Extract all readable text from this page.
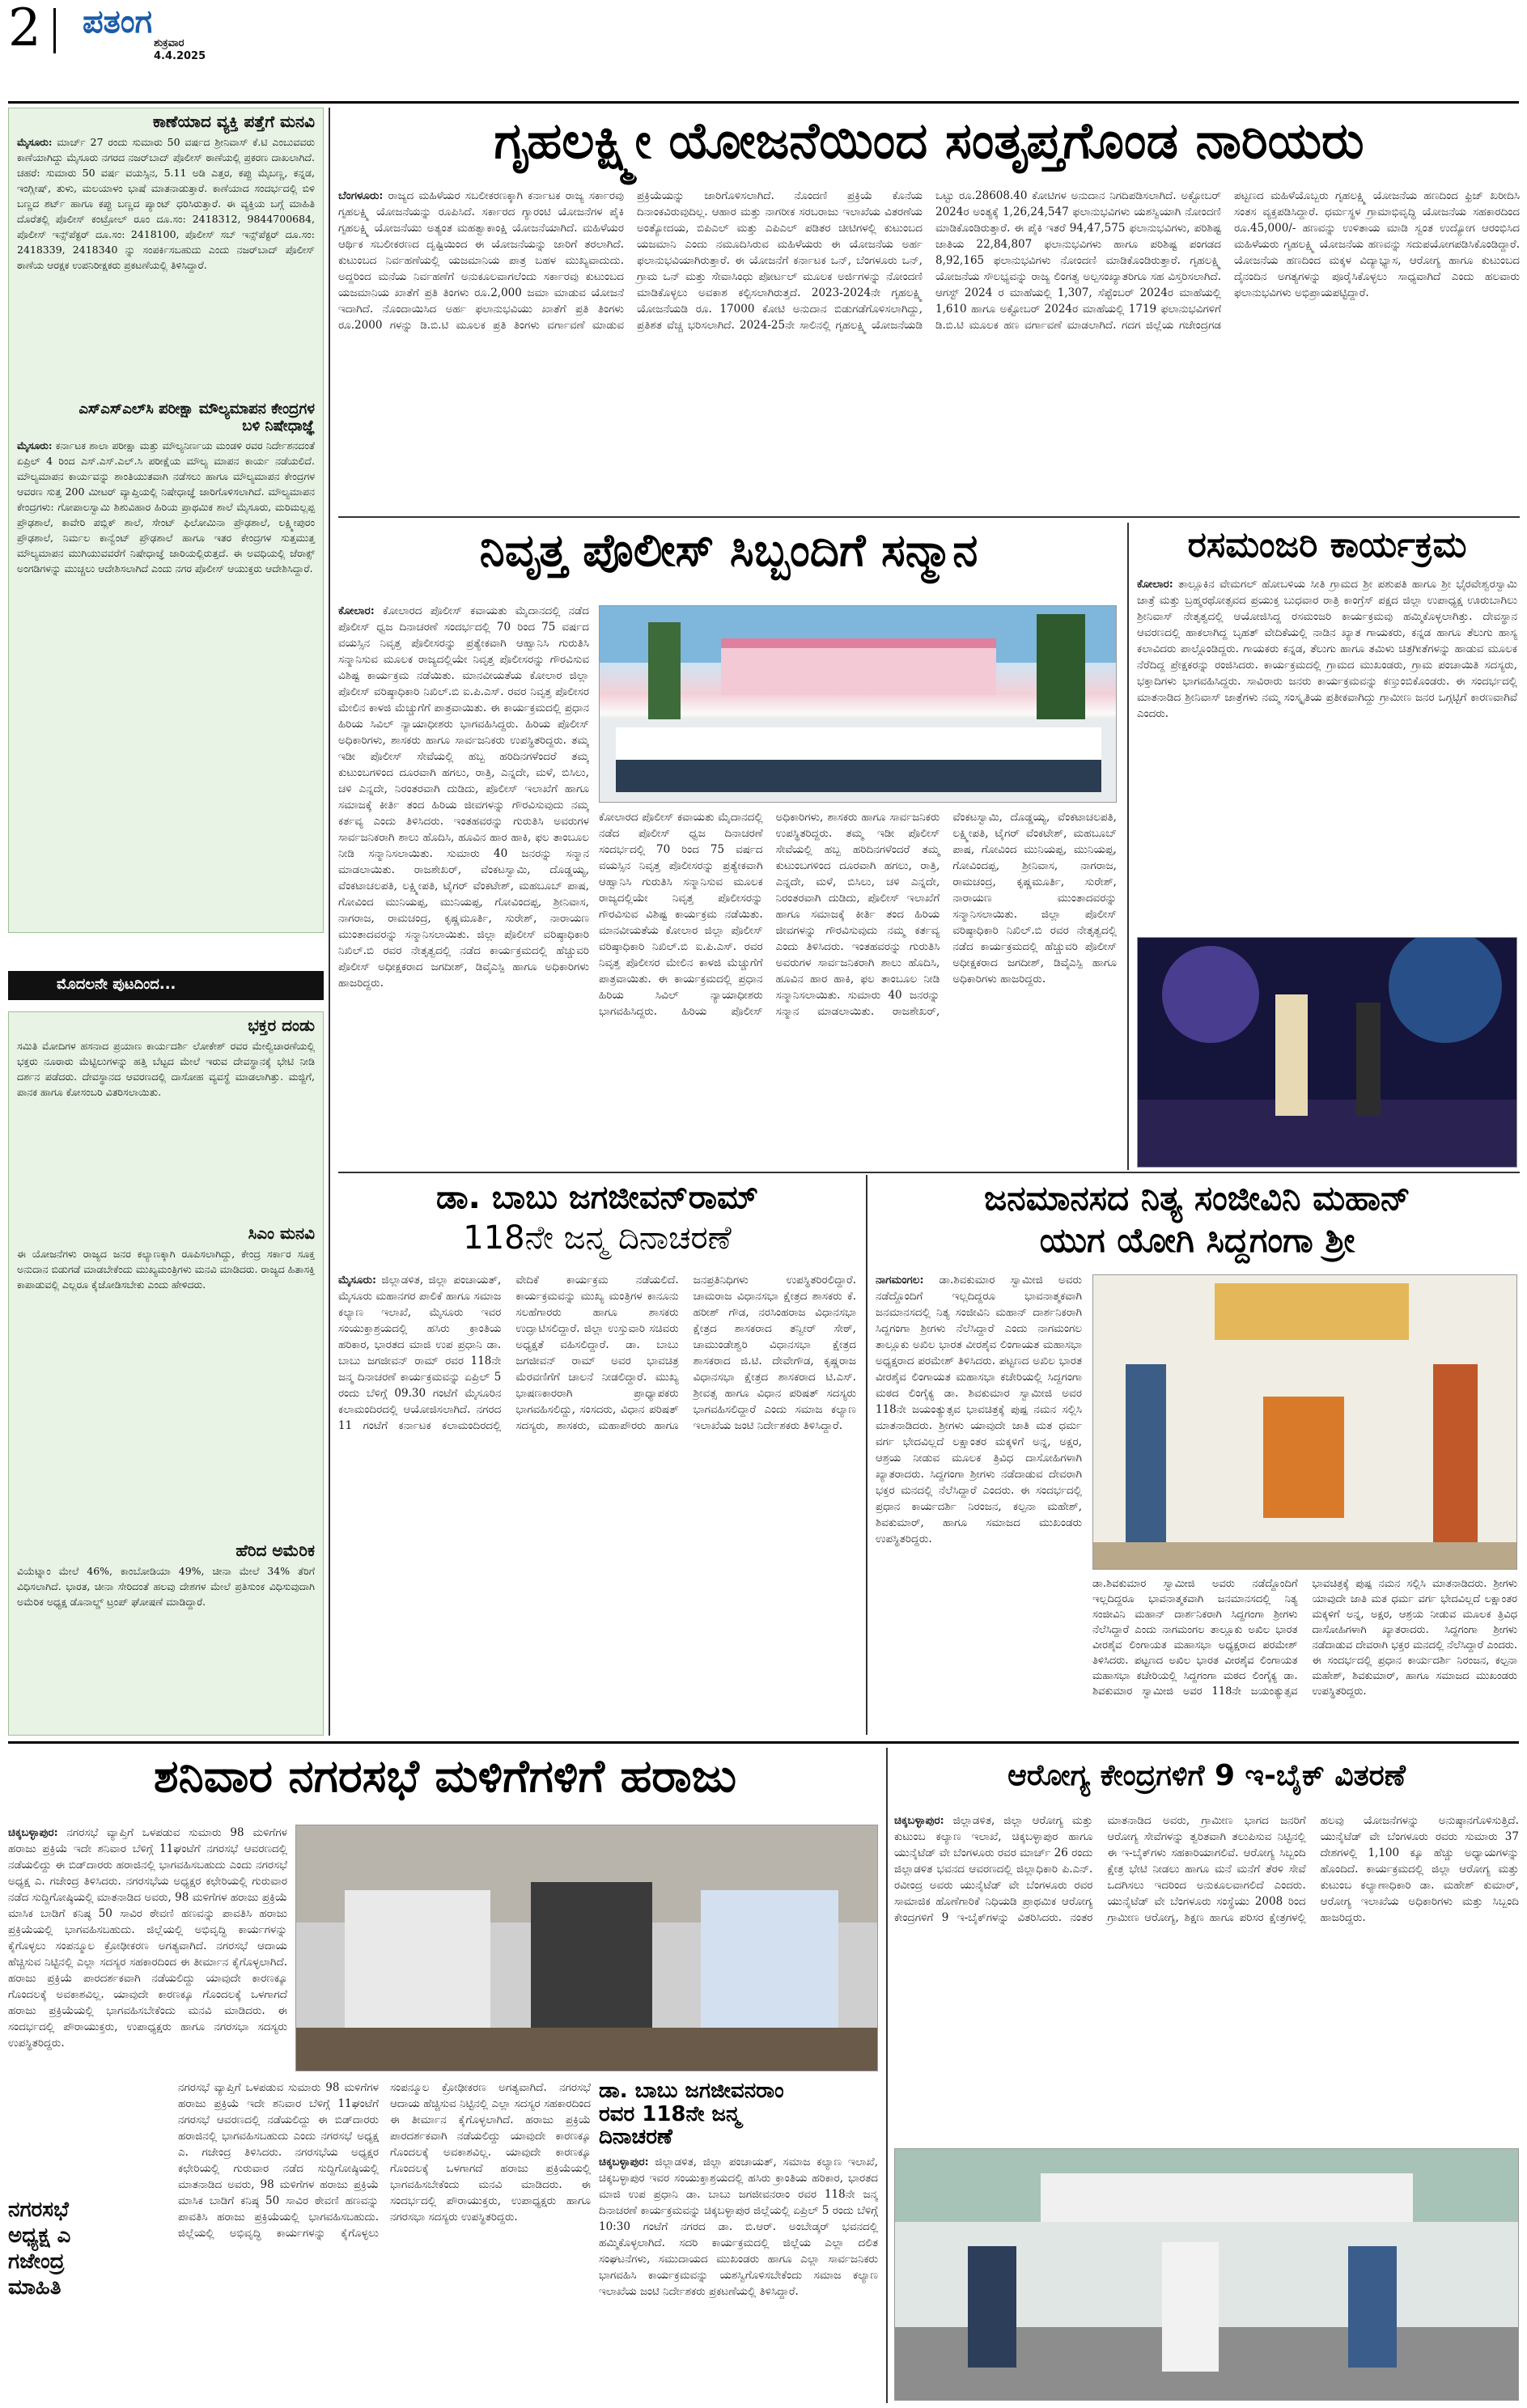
2 ಪತಂಗ
ಶುಕ್ರವಾರ
4.4.2025
ಕಾಣೆಯಾದ ವ್ಯಕ್ತಿ ಪತ್ತೆಗೆ ಮನವಿ
ಮೈಸೂರು: ಮಾರ್ಚ್ 27 ರಂದು ಸುಮಾರು 50 ವರ್ಷದ ಶ್ರೀನಿವಾಸ್ ಕೆ.ಟಿ ಎಂಬುವವರು ಕಾಣೆಯಾಗಿದ್ದು ಮೈಸೂರು ನಗರದ ನಜರ್‌ಬಾದ್ ಪೊಲೀಸ್ ಠಾಣೆಯಲ್ಲಿ ಪ್ರಕರಣ ದಾಖಲಾಗಿದೆ. ಚಹರೆ: ಸುಮಾರು 50 ವರ್ಷ ವಯಸ್ಸಿನ, 5.11 ಅಡಿ ಎತ್ತರ, ಕಪ್ಪು ಮೈಬಣ್ಣ, ಕನ್ನಡ, ಇಂಗ್ಲೀಷ್, ತುಳು, ಮಲಯಾಳಂ ಭಾಷೆ ಮಾತನಾಡುತ್ತಾರೆ. ಕಾಣೆಯಾದ ಸಂದರ್ಭದಲ್ಲಿ ಬಿಳಿ ಬಣ್ಣದ ಶರ್ಟ್ ಹಾಗೂ ಕಪ್ಪು ಬಣ್ಣದ ಪ್ಯಾಂಟ್ ಧರಿಸಿರುತ್ತಾರೆ. ಈ ವ್ಯಕ್ತಿಯ ಬಗ್ಗೆ ಮಾಹಿತಿ ದೊರೆತಲ್ಲಿ ಪೊಲೀಸ್ ಕಂಟ್ರೋಲ್ ರೂಂ ದೂ.ಸಂ: 2418312, 9844700684, ಪೊಲೀಸ್ ಇನ್ಸ್‌ಪೆಕ್ಟರ್ ದೂ.ಸಂ: 2418100, ಪೊಲೀಸ್ ಸಬ್ ಇನ್ಸ್‌ಪೆಕ್ಟರ್ ದೂ.ಸಂ: 2418339, 2418340 ನ್ನು ಸಂಪರ್ಕಿಸಬಹುದು ಎಂದು ನಜರ್‌ಬಾದ್ ಪೊಲೀಸ್ ಠಾಣೆಯ ಆರಕ್ಷಕ ಉಪನಿರೀಕ್ಷಕರು ಪ್ರಕಟಣೆಯಲ್ಲಿ ತಿಳಿಸಿದ್ದಾರೆ.
ಎಸ್‌ಎಸ್‌ಎಲ್‌ಸಿ ಪರೀಕ್ಷಾ ಮೌಲ್ಯಮಾಪನ ಕೇಂದ್ರಗಳ ಬಳಿ ನಿಷೇಧಾಜ್ಞೆ
ಮೈಸೂರು: ಕರ್ನಾಟಕ ಶಾಲಾ ಪರೀಕ್ಷಾ ಮತ್ತು ಮೌಲ್ಯನಿರ್ಣಯ ಮಂಡಳಿ ರವರ ನಿರ್ದೇಶನದಂತೆ ಏಪ್ರಿಲ್ 4 ರಿಂದ ಎಸ್.ಎಸ್.ಎಲ್.ಸಿ ಪರೀಕ್ಷೆಯ ಮೌಲ್ಯ ಮಾಪನ ಕಾರ್ಯ ನಡೆಯಲಿದೆ. ಮೌಲ್ಯಮಾಪನ ಕಾರ್ಯವನ್ನು ಶಾಂತಿಯುತವಾಗಿ ನಡೆಸಲು ಹಾಗೂ ಮೌಲ್ಯಮಾಪನ ಕೇಂದ್ರಗಳ ಆವರಣ ಸುತ್ತ 200 ಮೀಟರ್ ವ್ಯಾಪ್ತಿಯಲ್ಲಿ ನಿಷೇಧಾಜ್ಞೆ ಜಾರಿಗೊಳಿಸಲಾಗಿದೆ. ಮೌಲ್ಯಮಾಪನ ಕೇಂದ್ರಗಳು: ಗೋಪಾಲಸ್ವಾಮಿ ಶಿಶುವಿಹಾರ ಹಿರಿಯ ಪ್ರಾಥಮಿಕ ಶಾಲೆ ಮೈಸೂರು, ಮರಿಮಲ್ಲಪ್ಪ ಪ್ರೌಢಶಾಲೆ, ಕಾವೇರಿ ಪಬ್ಲಿಕ್ ಶಾಲೆ, ಸೇಂಟ್ ಫಿಲೋಮಿನಾ ಪ್ರೌಢಶಾಲೆ, ಲಕ್ಷ್ಮೀಪುರಂ ಪ್ರೌಢಶಾಲೆ, ನಿರ್ಮಲ ಕಾನ್ವೆಂಟ್ ಪ್ರೌಢಶಾಲೆ ಹಾಗೂ ಇತರ ಕೇಂದ್ರಗಳ ಸುತ್ತಮುತ್ತ ಮೌಲ್ಯಮಾಪನ ಮುಗಿಯುವವರೆಗೆ ನಿಷೇಧಾಜ್ಞೆ ಜಾರಿಯಲ್ಲಿರುತ್ತದೆ. ಈ ಅವಧಿಯಲ್ಲಿ ಜೆರಾಕ್ಸ್ ಅಂಗಡಿಗಳನ್ನು ಮುಚ್ಚಲು ಆದೇಶಿಸಲಾಗಿದೆ ಎಂದು ನಗರ ಪೊಲೀಸ್ ಆಯುಕ್ತರು ಆದೇಶಿಸಿದ್ದಾರೆ.
ಮೊದಲನೇ ಪುಟದಿಂದ...
ಭಕ್ತರ ದಂಡು
ಸಮಿತಿ ಮೋದಿಗಳ ಹಸನಾದ ಪ್ರಯಾಣ ಕಾರ್ಯದರ್ಶಿ ಲೋಕೇಶ್ ರವರ ಮೇಲ್ವಿಚಾರಣೆಯಲ್ಲಿ ಭಕ್ತರು ನೂರಾರು ಮೆಟ್ಟಿಲುಗಳನ್ನು ಹತ್ತಿ ಬೆಟ್ಟದ ಮೇಲೆ ಇರುವ ದೇವಸ್ಥಾನಕ್ಕೆ ಭೇಟಿ ನೀಡಿ ದರ್ಶನ ಪಡೆದರು. ದೇವಸ್ಥಾನದ ಆವರಣದಲ್ಲಿ ದಾಸೋಹ ವ್ಯವಸ್ಥೆ ಮಾಡಲಾಗಿತ್ತು. ಮಜ್ಜಿಗೆ, ಪಾನಕ ಹಾಗೂ ಕೋಸಂಬರಿ ವಿತರಿಸಲಾಯಿತು.
ಸಿಎಂ ಮನವಿ
ಈ ಯೋಜನೆಗಳು ರಾಜ್ಯದ ಜನರ ಕಲ್ಯಾಣಕ್ಕಾಗಿ ರೂಪಿಸಲಾಗಿದ್ದು, ಕೇಂದ್ರ ಸರ್ಕಾರ ಸೂಕ್ತ ಅನುದಾನ ಬಿಡುಗಡೆ ಮಾಡಬೇಕೆಂದು ಮುಖ್ಯಮಂತ್ರಿಗಳು ಮನವಿ ಮಾಡಿದರು. ರಾಜ್ಯದ ಹಿತಾಸಕ್ತಿ ಕಾಪಾಡುವಲ್ಲಿ ಎಲ್ಲರೂ ಕೈಜೋಡಿಸಬೇಕು ಎಂದು ಹೇಳಿದರು.
ಹೆರಿದ ಅಮೆರಿಕ
ವಿಯೆಟ್ನಾಂ ಮೇಲೆ 46%, ಕಾಂಬೋಡಿಯಾ 49%, ಚೀನಾ ಮೇಲೆ 34% ತೆರಿಗೆ ವಿಧಿಸಲಾಗಿದೆ. ಭಾರತ, ಚೀನಾ ಸೇರಿದಂತೆ ಹಲವು ದೇಶಗಳ ಮೇಲೆ ಪ್ರತಿಸುಂಕ ವಿಧಿಸುವುದಾಗಿ ಅಮೆರಿಕ ಅಧ್ಯಕ್ಷ ಡೊನಾಲ್ಡ್ ಟ್ರಂಪ್ ಘೋಷಣೆ ಮಾಡಿದ್ದಾರೆ.
ಗೃಹಲಕ್ಷ್ಮೀ ಯೋಜನೆಯಿಂದ ಸಂತೃಪ್ತಗೊಂಡ ನಾರಿಯರು
ಬೆಂಗಳೂರು: ರಾಜ್ಯದ ಮಹಿಳೆಯರ ಸಬಲೀಕರಣಕ್ಕಾಗಿ ಕರ್ನಾಟಕ ರಾಜ್ಯ ಸರ್ಕಾರವು ಗೃಹಲಕ್ಷ್ಮಿ ಯೋಜನೆಯನ್ನು ರೂಪಿಸಿದೆ. ಸರ್ಕಾರದ ಗ್ಯಾರಂಟಿ ಯೋಜನೆಗಳ ಪೈಕಿ ಗೃಹಲಕ್ಷ್ಮಿ ಯೋಜನೆಯು ಅತ್ಯಂತ ಮಹತ್ವಾಕಾಂಕ್ಷಿ ಯೋಜನೆಯಾಗಿದೆ. ಮಹಿಳೆಯರ ಆರ್ಥಿಕ ಸಬಲೀಕರಣದ ದೃಷ್ಟಿಯಿಂದ ಈ ಯೋಜನೆಯನ್ನು ಜಾರಿಗೆ ತರಲಾಗಿದೆ. ಕುಟುಂಬದ ನಿರ್ವಹಣೆಯಲ್ಲಿ ಯಜಮಾನಿಯ ಪಾತ್ರ ಬಹಳ ಮುಖ್ಯವಾದುದು. ಅದ್ದರಿಂದ ಮನೆಯ ನಿರ್ವಹಣೆಗೆ ಅನುಕೂಲವಾಗಲೆಂದು ಸರ್ಕಾರವು ಕುಟುಂಬದ ಯಜಮಾನಿಯ ಖಾತೆಗೆ ಪ್ರತಿ ತಿಂಗಳು ರೂ.2,000 ಜಮಾ ಮಾಡುವ ಯೋಜನೆ ಇದಾಗಿದೆ. ನೊಂದಾಯಿಸಿದ ಅರ್ಹ ಫಲಾನುಭವಿಯು ಖಾತೆಗೆ ಪ್ರತಿ ತಿಂಗಳು ರೂ.2000 ಗಳನ್ನು ಡಿ.ಬಿ.ಟಿ ಮೂಲಕ ಪ್ರತಿ ತಿಂಗಳು ವರ್ಗಾವಣೆ ಮಾಡುವ ಪ್ರಕ್ರಿಯೆಯನ್ನು ಜಾರಿಗೊಳಿಸಲಾಗಿದೆ. ನೊಂದಣಿ ಪ್ರಕ್ರಿಯೆ ಕೊನೆಯ ದಿನಾಂಕವಿರುವುದಿಲ್ಲ. ಆಹಾರ ಮತ್ತು ನಾಗರೀಕ ಸರಬರಾಜು ಇಲಾಖೆಯ ವಿತರಣೆಯ ಅಂತ್ಯೋದಯ, ಬಿಪಿಎಲ್ ಮತ್ತು ಎಪಿಎಲ್ ಪಡಿತರ ಚೀಟಿಗಳಲ್ಲಿ ಕುಟುಂಬದ ಯಜಮಾನಿ ಎಂದು ನಮೂದಿಸಿರುವ ಮಹಿಳೆಯರು ಈ ಯೋಜನೆಯ ಅರ್ಹ ಫಲಾನುಭವಿಯಾಗಿರುತ್ತಾರೆ. ಈ ಯೋಜನೆಗೆ ಕರ್ನಾಟಕ ಒನ್, ಬೆಂಗಳೂರು ಒನ್, ಗ್ರಾಮ ಒನ್ ಮತ್ತು ಸೇವಾಸಿಂಧು ಪೋರ್ಟಲ್ ಮೂಲಕ ಅರ್ಜಿಗಳನ್ನು ನೋಂದಣಿ ಮಾಡಿಕೊಳ್ಳಲು ಅವಕಾಶ ಕಲ್ಪಿಸಲಾಗಿರುತ್ತದೆ. 2023-2024ನೇ ಗೃಹಲಕ್ಷ್ಮಿ ಯೋಜನೆಯಡಿ ರೂ. 17000 ಕೋಟಿ ಅನುದಾನ ಬಿಡುಗಡೆಗೊಳಿಸಲಾಗಿದ್ದು, ಪ್ರತಿಶತ ವೆಚ್ಚ ಭರಿಸಲಾಗಿದೆ. 2024-25ನೇ ಸಾಲಿನಲ್ಲಿ ಗೃಹಲಕ್ಷ್ಮಿ ಯೋಜನೆಯಡಿ ಒಟ್ಟು ರೂ.28608.40 ಕೋಟಿಗಳ ಅನುದಾನ ನಿಗದಿಪಡಿಸಲಾಗಿದೆ. ಅಕ್ಟೋಬರ್ 2024ರ ಅಂತ್ಯಕ್ಕೆ 1,26,24,547 ಫಲಾನುಭವಿಗಳು ಯಶಸ್ವಿಯಾಗಿ ನೋಂದಣಿ ಮಾಡಿಕೊಂಡಿರುತ್ತಾರೆ. ಈ ಪೈಕಿ ಇತರೆ 94,47,575 ಫಲಾನುಭವಿಗಳು, ಪರಿಶಿಷ್ಟ ಜಾತಿಯ 22,84,807 ಫಲಾನುಭವಿಗಳು ಹಾಗೂ ಪರಿಶಿಷ್ಟ ಪಂಗಡದ 8,92,165 ಫಲಾನುಭವಿಗಳು ನೋಂದಣಿ ಮಾಡಿಕೊಂಡಿರುತ್ತಾರೆ. ಗೃಹಲಕ್ಷ್ಮಿ ಯೋಜನೆಯ ಸೌಲಭ್ಯವನ್ನು ರಾಜ್ಯ ಲಿಂಗತ್ವ ಅಲ್ಪಸಂಖ್ಯಾತರಿಗೂ ಸಹ ವಿಸ್ತರಿಸಲಾಗಿದೆ. ಆಗಸ್ಟ್ 2024 ರ ಮಾಹೆಯಲ್ಲಿ 1,307, ಸೆಪ್ಟೆಂಬರ್ 2024ರ ಮಾಹೆಯಲ್ಲಿ 1,610 ಹಾಗೂ ಅಕ್ಟೋಬರ್ 2024ರ ಮಾಹೆಯಲ್ಲಿ 1719 ಫಲಾನುಭವಿಗಳಿಗೆ ಡಿ.ಬಿ.ಟಿ ಮೂಲಕ ಹಣ ವರ್ಗಾವಣೆ ಮಾಡಲಾಗಿದೆ. ಗದಗ ಜಿಲ್ಲೆಯ ಗಜೇಂದ್ರಗಡ ಪಟ್ಟಣದ ಮಹಿಳೆಯೊಬ್ಬರು ಗೃಹಲಕ್ಷ್ಮಿ ಯೋಜನೆಯ ಹಣದಿಂದ ಫ್ರಿಜ್ ಖರೀದಿಸಿ ಸಂತಸ ವ್ಯಕ್ತಪಡಿಸಿದ್ದಾರೆ. ಧರ್ಮಸ್ಥಳ ಗ್ರಾಮಾಭಿವೃದ್ಧಿ ಯೋಜನೆಯ ಸಹಕಾರದಿಂದ ರೂ.45,000/- ಹಣವನ್ನು ಉಳಿತಾಯ ಮಾಡಿ ಸ್ವಂತ ಉದ್ಯೋಗ ಆರಂಭಿಸಿದ ಮಹಿಳೆಯರು ಗೃಹಲಕ್ಷ್ಮಿ ಯೋಜನೆಯ ಹಣವನ್ನು ಸದುಪಯೋಗಪಡಿಸಿಕೊಂಡಿದ್ದಾರೆ. ಯೋಜನೆಯ ಹಣದಿಂದ ಮಕ್ಕಳ ವಿದ್ಯಾಭ್ಯಾಸ, ಆರೋಗ್ಯ ಹಾಗೂ ಕುಟುಂಬದ ದೈನಂದಿನ ಅಗತ್ಯಗಳನ್ನು ಪೂರೈಸಿಕೊಳ್ಳಲು ಸಾಧ್ಯವಾಗಿದೆ ಎಂದು ಹಲವಾರು ಫಲಾನುಭವಿಗಳು ಅಭಿಪ್ರಾಯಪಟ್ಟಿದ್ದಾರೆ.
ನಿವೃತ್ತ ಪೊಲೀಸ್ ಸಿಬ್ಬಂದಿಗೆ ಸನ್ಮಾನ
ಕೋಲಾರ: ಕೋಲಾರದ ಪೊಲೀಸ್ ಕವಾಯತು ಮೈದಾನದಲ್ಲಿ ನಡೆದ ಪೊಲೀಸ್ ಧ್ವಜ ದಿನಾಚರಣೆ ಸಂದರ್ಭದಲ್ಲಿ 70 ರಿಂದ 75 ವರ್ಷದ ವಯಸ್ಸಿನ ನಿವೃತ್ತ ಪೊಲೀಸರನ್ನು ಪ್ರತ್ಯೇಕವಾಗಿ ಆಹ್ವಾನಿಸಿ ಗುರುತಿಸಿ ಸನ್ಮಾನಿಸುವ ಮೂಲಕ ರಾಜ್ಯದಲ್ಲಿಯೇ ನಿವೃತ್ತ ಪೊಲೀಸರನ್ನು ಗೌರವಿಸುವ ವಿಶಿಷ್ಟ ಕಾರ್ಯಕ್ರಮ ನಡೆಯಿತು. ಮಾನವೀಯತೆಯ ಕೋಲಾರ ಜಿಲ್ಲಾ ಪೊಲೀಸ್ ವರಿಷ್ಠಾಧಿಕಾರಿ ನಿಖಿಲ್.ಬಿ ಐ.ಪಿ.ಎಸ್. ರವರ ನಿವೃತ್ತ ಪೊಲೀಸರ ಮೇಲಿನ ಕಾಳಜಿ ಮೆಚ್ಚುಗೆಗೆ ಪಾತ್ರವಾಯಿತು. ಈ ಕಾರ್ಯಕ್ರಮದಲ್ಲಿ ಪ್ರಧಾನ ಹಿರಿಯ ಸಿವಿಲ್ ನ್ಯಾಯಾಧೀಶರು ಭಾಗವಹಿಸಿದ್ದರು. ಹಿರಿಯ ಪೊಲೀಸ್ ಅಧಿಕಾರಿಗಳು, ಶಾಸಕರು ಹಾಗೂ ಸಾರ್ವಜನಿಕರು ಉಪಸ್ಥಿತರಿದ್ದರು. ತಮ್ಮ ಇಡೀ ಪೊಲೀಸ್ ಸೇವೆಯಲ್ಲಿ ಹಬ್ಬ ಹರಿದಿನಗಳೆಂದರೆ ತಮ್ಮ ಕುಟುಂಬಗಳಿಂದ ದೂರವಾಗಿ ಹಗಲು, ರಾತ್ರಿ, ಎನ್ನದೇ, ಮಳೆ, ಬಿಸಿಲು, ಚಳಿ ಎನ್ನದೇ, ನಿರಂತರವಾಗಿ ದುಡಿದು, ಪೊಲೀಸ್ ಇಲಾಖೆಗೆ ಹಾಗೂ ಸಮಾಜಕ್ಕೆ ಕೀರ್ತಿ ತಂದ ಹಿರಿಯ ಜೀವಗಳನ್ನು ಗೌರವಿಸುವುದು ನಮ್ಮ ಕರ್ತವ್ಯ ಎಂದು ತಿಳಿಸಿದರು. ಇಂತಹವರನ್ನು ಗುರುತಿಸಿ ಅವರುಗಳ ಸಾರ್ವಜನಿಕರಾಗಿ ಶಾಲು ಹೊದಿಸಿ, ಹೂವಿನ ಹಾರ ಹಾಕಿ, ಫಲ ತಾಂಬೂಲ ನೀಡಿ ಸನ್ಮಾನಿಸಲಾಯಿತು. ಸುಮಾರು 40 ಜನರನ್ನು ಸನ್ಮಾನ ಮಾಡಲಾಯಿತು. ರಾಜಶೇಖರ್, ವೆಂಕಟಸ್ವಾಮಿ, ದೊಡ್ಡಯ್ಯ, ವೆಂಕಟಾಚಲಪತಿ, ಲಕ್ಷ್ಮೀಪತಿ, ಟೈಗರ್ ವೆಂಕಟೇಶ್, ಮಹಬೂಬ್ ಪಾಷ, ಗೋವಿಂದ ಮುನಿಯಪ್ಪ, ಮುನಿಯಪ್ಪ, ಗೋವಿಂದಪ್ಪ, ಶ್ರೀನಿವಾಸ, ನಾಗರಾಜ, ರಾಮಚಂದ್ರ, ಕೃಷ್ಣಮೂರ್ತಿ, ಸುರೇಶ್, ನಾರಾಯಣ ಮುಂತಾದವರನ್ನು ಸನ್ಮಾನಿಸಲಾಯಿತು. ಜಿಲ್ಲಾ ಪೊಲೀಸ್ ವರಿಷ್ಠಾಧಿಕಾರಿ ನಿಖಿಲ್.ಬಿ ರವರ ನೇತೃತ್ವದಲ್ಲಿ ನಡೆದ ಕಾರ್ಯಕ್ರಮದಲ್ಲಿ ಹೆಚ್ಚುವರಿ ಪೊಲೀಸ್ ಅಧೀಕ್ಷಕರಾದ ಜಗದೀಶ್, ಡಿವೈಎಸ್ಪಿ ಹಾಗೂ ಅಧಿಕಾರಿಗಳು ಹಾಜರಿದ್ದರು.
ಕೋಲಾರದ ಪೊಲೀಸ್ ಕವಾಯತು ಮೈದಾನದಲ್ಲಿ ನಡೆದ ಪೊಲೀಸ್ ಧ್ವಜ ದಿನಾಚರಣೆ ಸಂದರ್ಭದಲ್ಲಿ 70 ರಿಂದ 75 ವರ್ಷದ ವಯಸ್ಸಿನ ನಿವೃತ್ತ ಪೊಲೀಸರನ್ನು ಪ್ರತ್ಯೇಕವಾಗಿ ಆಹ್ವಾನಿಸಿ ಗುರುತಿಸಿ ಸನ್ಮಾನಿಸುವ ಮೂಲಕ ರಾಜ್ಯದಲ್ಲಿಯೇ ನಿವೃತ್ತ ಪೊಲೀಸರನ್ನು ಗೌರವಿಸುವ ವಿಶಿಷ್ಟ ಕಾರ್ಯಕ್ರಮ ನಡೆಯಿತು. ಮಾನವೀಯತೆಯ ಕೋಲಾರ ಜಿಲ್ಲಾ ಪೊಲೀಸ್ ವರಿಷ್ಠಾಧಿಕಾರಿ ನಿಖಿಲ್.ಬಿ ಐ.ಪಿ.ಎಸ್. ರವರ ನಿವೃತ್ತ ಪೊಲೀಸರ ಮೇಲಿನ ಕಾಳಜಿ ಮೆಚ್ಚುಗೆಗೆ ಪಾತ್ರವಾಯಿತು. ಈ ಕಾರ್ಯಕ್ರಮದಲ್ಲಿ ಪ್ರಧಾನ ಹಿರಿಯ ಸಿವಿಲ್ ನ್ಯಾಯಾಧೀಶರು ಭಾಗವಹಿಸಿದ್ದರು. ಹಿರಿಯ ಪೊಲೀಸ್ ಅಧಿಕಾರಿಗಳು, ಶಾಸಕರು ಹಾಗೂ ಸಾರ್ವಜನಿಕರು ಉಪಸ್ಥಿತರಿದ್ದರು. ತಮ್ಮ ಇಡೀ ಪೊಲೀಸ್ ಸೇವೆಯಲ್ಲಿ ಹಬ್ಬ ಹರಿದಿನಗಳೆಂದರೆ ತಮ್ಮ ಕುಟುಂಬಗಳಿಂದ ದೂರವಾಗಿ ಹಗಲು, ರಾತ್ರಿ, ಎನ್ನದೇ, ಮಳೆ, ಬಿಸಿಲು, ಚಳಿ ಎನ್ನದೇ, ನಿರಂತರವಾಗಿ ದುಡಿದು, ಪೊಲೀಸ್ ಇಲಾಖೆಗೆ ಹಾಗೂ ಸಮಾಜಕ್ಕೆ ಕೀರ್ತಿ ತಂದ ಹಿರಿಯ ಜೀವಗಳನ್ನು ಗೌರವಿಸುವುದು ನಮ್ಮ ಕರ್ತವ್ಯ ಎಂದು ತಿಳಿಸಿದರು. ಇಂತಹವರನ್ನು ಗುರುತಿಸಿ ಅವರುಗಳ ಸಾರ್ವಜನಿಕರಾಗಿ ಶಾಲು ಹೊದಿಸಿ, ಹೂವಿನ ಹಾರ ಹಾಕಿ, ಫಲ ತಾಂಬೂಲ ನೀಡಿ ಸನ್ಮಾನಿಸಲಾಯಿತು. ಸುಮಾರು 40 ಜನರನ್ನು ಸನ್ಮಾನ ಮಾಡಲಾಯಿತು. ರಾಜಶೇಖರ್, ವೆಂಕಟಸ್ವಾಮಿ, ದೊಡ್ಡಯ್ಯ, ವೆಂಕಟಾಚಲಪತಿ, ಲಕ್ಷ್ಮೀಪತಿ, ಟೈಗರ್ ವೆಂಕಟೇಶ್, ಮಹಬೂಬ್ ಪಾಷ, ಗೋವಿಂದ ಮುನಿಯಪ್ಪ, ಮುನಿಯಪ್ಪ, ಗೋವಿಂದಪ್ಪ, ಶ್ರೀನಿವಾಸ, ನಾಗರಾಜ, ರಾಮಚಂದ್ರ, ಕೃಷ್ಣಮೂರ್ತಿ, ಸುರೇಶ್, ನಾರಾಯಣ ಮುಂತಾದವರನ್ನು ಸನ್ಮಾನಿಸಲಾಯಿತು. ಜಿಲ್ಲಾ ಪೊಲೀಸ್ ವರಿಷ್ಠಾಧಿಕಾರಿ ನಿಖಿಲ್.ಬಿ ರವರ ನೇತೃತ್ವದಲ್ಲಿ ನಡೆದ ಕಾರ್ಯಕ್ರಮದಲ್ಲಿ ಹೆಚ್ಚುವರಿ ಪೊಲೀಸ್ ಅಧೀಕ್ಷಕರಾದ ಜಗದೀಶ್, ಡಿವೈಎಸ್ಪಿ ಹಾಗೂ ಅಧಿಕಾರಿಗಳು ಹಾಜರಿದ್ದರು.
ರಸಮಂಜರಿ ಕಾರ್ಯಕ್ರಮ
ಕೋಲಾರ: ತಾಲ್ಲೂಕಿನ ವೇಮಗಲ್ ಹೋಬಳಿಯ ಸೀತಿ ಗ್ರಾಮದ ಶ್ರೀ ಪಶುಪತಿ ಹಾಗೂ ಶ್ರೀ ಭೈರವೇಶ್ವರಸ್ವಾಮಿ ಜಾತ್ರೆ ಮತ್ತು ಬ್ರಹ್ಮರಥೋತ್ಸವದ ಪ್ರಯುಕ್ತ ಬುಧವಾರ ರಾತ್ರಿ ಕಾಂಗ್ರೆಸ್ ಪಕ್ಷದ ಜಿಲ್ಲಾ ಉಪಾಧ್ಯಕ್ಷ ಊರುಬಾಗಿಲು ಶ್ರೀನಿವಾಸ್ ನೇತೃತ್ವದಲ್ಲಿ ಆಯೋಜಿಸಿದ್ದ ರಸಮಂಜರಿ ಕಾರ್ಯಕ್ರಮವು ಹಮ್ಮಿಕೊಳ್ಳಲಾಗಿತ್ತು. ದೇವಸ್ಥಾನ ಆವರಣದಲ್ಲಿ ಹಾಕಲಾಗಿದ್ದ ಬೃಹತ್ ವೇದಿಕೆಯಲ್ಲಿ ನಾಡಿನ ಖ್ಯಾತ ಗಾಯಕರು, ಕನ್ನಡ ಹಾಗೂ ತೆಲುಗು ಹಾಸ್ಯ ಕಲಾವಿದರು ಪಾಲ್ಗೊಂಡಿದ್ದರು. ಗಾಯಕರು ಕನ್ನಡ, ತೆಲುಗು ಹಾಗೂ ತಮಿಳು ಚಿತ್ರಗೀತೆಗಳನ್ನು ಹಾಡುವ ಮೂಲಕ ನೆರೆದಿದ್ದ ಪ್ರೇಕ್ಷಕರನ್ನು ರಂಜಿಸಿದರು. ಕಾರ್ಯಕ್ರಮದಲ್ಲಿ ಗ್ರಾಮದ ಮುಖಂಡರು, ಗ್ರಾಮ ಪಂಚಾಯಿತಿ ಸದಸ್ಯರು, ಭಕ್ತಾದಿಗಳು ಭಾಗವಹಿಸಿದ್ದರು. ಸಾವಿರಾರು ಜನರು ಕಾರ್ಯಕ್ರಮವನ್ನು ಕಣ್ತುಂಬಿಕೊಂಡರು. ಈ ಸಂದರ್ಭದಲ್ಲಿ ಮಾತನಾಡಿದ ಶ್ರೀನಿವಾಸ್ ಜಾತ್ರೆಗಳು ನಮ್ಮ ಸಂಸ್ಕೃತಿಯ ಪ್ರತೀಕವಾಗಿದ್ದು ಗ್ರಾಮೀಣ ಜನರ ಒಗ್ಗಟ್ಟಿಗೆ ಕಾರಣವಾಗಿವೆ ಎಂದರು.
ಡಾ. ಬಾಬು ಜಗಜೀವನ್‌ರಾಮ್
118ನೇ ಜನ್ಮ ದಿನಾಚರಣೆ
ಮೈಸೂರು: ಜಿಲ್ಲಾಡಳಿತ, ಜಿಲ್ಲಾ ಪಂಚಾಯತ್, ಮೈಸೂರು ಮಹಾನಗರ ಪಾಲಿಕೆ ಹಾಗೂ ಸಮಾಜ ಕಲ್ಯಾಣ ಇಲಾಖೆ, ಮೈಸೂರು ಇವರ ಸಂಯುಕ್ತಾಶ್ರಯದಲ್ಲಿ ಹಸಿರು ಕ್ರಾಂತಿಯ ಹರಿಕಾರ, ಭಾರತದ ಮಾಜಿ ಉಪ ಪ್ರಧಾನಿ ಡಾ. ಬಾಬು ಜಗಜೀವನ್ ರಾಮ್ ರವರ 118ನೇ ಜನ್ಮ ದಿನಾಚರಣೆ ಕಾರ್ಯಕ್ರಮವನ್ನು ಏಪ್ರಿಲ್ 5 ರಂದು ಬೆಳಿಗ್ಗೆ 09.30 ಗಂಟೆಗೆ ಮೈಸೂರಿನ ಕಲಾಮಂದಿರದಲ್ಲಿ ಆಯೋಜಿಸಲಾಗಿದೆ. ನಗರದ 11 ಗಂಟೆಗೆ ಕರ್ನಾಟಕ ಕಲಾಮಂದಿರದಲ್ಲಿ ವೇದಿಕೆ ಕಾರ್ಯಕ್ರಮ ನಡೆಯಲಿದೆ. ಕಾರ್ಯಕ್ರಮವನ್ನು ಮುಖ್ಯ ಮಂತ್ರಿಗಳ ಕಾನೂನು ಸಲಹೆಗಾರರು ಹಾಗೂ ಶಾಸಕರು ಉದ್ಘಾಟಿಸಲಿದ್ದಾರೆ. ಜಿಲ್ಲಾ ಉಸ್ತುವಾರಿ ಸಚಿವರು ಅಧ್ಯಕ್ಷತೆ ವಹಿಸಲಿದ್ದಾರೆ. ಡಾ. ಬಾಬು ಜಗಜೀವನ್ ರಾಮ್ ಅವರ ಭಾವಚಿತ್ರ ಮೆರವಣಿಗೆಗೆ ಚಾಲನೆ ನೀಡಲಿದ್ದಾರೆ. ಮುಖ್ಯ ಭಾಷಣಕಾರರಾಗಿ ಪ್ರಾಧ್ಯಾಪಕರು ಭಾಗವಹಿಸಲಿದ್ದು, ಸಂಸದರು, ವಿಧಾನ ಪರಿಷತ್ ಸದಸ್ಯರು, ಶಾಸಕರು, ಮಹಾಪೌರರು ಹಾಗೂ ಜನಪ್ರತಿನಿಧಿಗಳು ಉಪಸ್ಥಿತರಿರಲಿದ್ದಾರೆ. ಚಾಮರಾಜ ವಿಧಾನಸಭಾ ಕ್ಷೇತ್ರದ ಶಾಸಕರು ಕೆ. ಹರೀಶ್ ಗೌಡ, ನರಸಿಂಹರಾಜ ವಿಧಾನಸಭಾ ಕ್ಷೇತ್ರದ ಶಾಸಕರಾದ ತನ್ವೀರ್ ಸೇಠ್, ಚಾಮುಂಡೇಶ್ವರಿ ವಿಧಾನಸಭಾ ಕ್ಷೇತ್ರದ ಶಾಸಕರಾದ ಜಿ.ಟಿ. ದೇವೇಗೌಡ, ಕೃಷ್ಣರಾಜ ವಿಧಾನಸಭಾ ಕ್ಷೇತ್ರದ ಶಾಸಕರಾದ ಟಿ.ಎಸ್. ಶ್ರೀವತ್ಸ ಹಾಗೂ ವಿಧಾನ ಪರಿಷತ್ ಸದಸ್ಯರು ಭಾಗವಹಿಸಲಿದ್ದಾರೆ ಎಂದು ಸಮಾಜ ಕಲ್ಯಾಣ ಇಲಾಖೆಯ ಜಂಟಿ ನಿರ್ದೇಶಕರು ತಿಳಿಸಿದ್ದಾರೆ.
ಜನಮಾನಸದ ನಿತ್ಯ ಸಂಜೀವಿನಿ ಮಹಾನ್
ಯುಗ ಯೋಗಿ ಸಿದ್ದಗಂಗಾ ಶ್ರೀ
ನಾಗಮಂಗಲ: ಡಾ.ಶಿವಕುಮಾರ ಸ್ವಾಮೀಜಿ ಅವರು ನಡೆದ್ದೊಂದಿಗೆ ಇಲ್ಲದಿದ್ದರೂ ಭಾವನಾತ್ಮಕವಾಗಿ ಜನಮಾನಸದಲ್ಲಿ ನಿತ್ಯ ಸಂಜೀವಿನಿ ಮಹಾನ್ ದಾರ್ಶನಿಕರಾಗಿ ಸಿದ್ದಗಂಗಾ ಶ್ರೀಗಳು ನೆಲೆಸಿದ್ದಾರೆ ಎಂದು ನಾಗಮಂಗಲ ತಾಲ್ಲೂಕು ಅಖಿಲ ಭಾರತ ವೀರಶೈವ ಲಿಂಗಾಯತ ಮಹಾಸಭಾ ಅಧ್ಯಕ್ಷರಾದ ಪರಮೇಶ್ ತಿಳಿಸಿದರು. ಪಟ್ಟಣದ ಅಖಿಲ ಭಾರತ ವೀರಶೈವ ಲಿಂಗಾಯತ ಮಹಾಸಭಾ ಕಚೇರಿಯಲ್ಲಿ ಸಿದ್ದಗಂಗಾ ಮಠದ ಲಿಂಗೈಕ್ಯ ಡಾ. ಶಿವಕುಮಾರ ಸ್ವಾಮೀಜಿ ಅವರ 118ನೇ ಜಯಂತ್ಯುತ್ಸವ ಭಾವಚಿತ್ರಕ್ಕೆ ಪುಷ್ಪ ನಮನ ಸಲ್ಲಿಸಿ ಮಾತನಾಡಿದರು. ಶ್ರೀಗಳು ಯಾವುದೇ ಜಾತಿ ಮತ ಧರ್ಮ ವರ್ಗ ಭೇದವಿಲ್ಲದೆ ಲಕ್ಷಾಂತರ ಮಕ್ಕಳಿಗೆ ಅನ್ನ, ಅಕ್ಷರ, ಆಶ್ರಯ ನೀಡುವ ಮೂಲಕ ತ್ರಿವಿಧ ದಾಸೋಹಿಗಳಾಗಿ ಖ್ಯಾತರಾದರು. ಸಿದ್ದಗಂಗಾ ಶ್ರೀಗಳು ನಡೆದಾಡುವ ದೇವರಾಗಿ ಭಕ್ತರ ಮನದಲ್ಲಿ ನೆಲೆಸಿದ್ದಾರೆ ಎಂದರು. ಈ ಸಂದರ್ಭದಲ್ಲಿ ಪ್ರಧಾನ ಕಾರ್ಯದರ್ಶಿ ನಿರಂಜನ, ಕಲ್ಪನಾ ಮಹೇಶ್, ಶಿವಕುಮಾರ್, ಹಾಗೂ ಸಮಾಜದ ಮುಖಂಡರು ಉಪಸ್ಥಿತರಿದ್ದರು.
ಡಾ.ಶಿವಕುಮಾರ ಸ್ವಾಮೀಜಿ ಅವರು ನಡೆದ್ದೊಂದಿಗೆ ಇಲ್ಲದಿದ್ದರೂ ಭಾವನಾತ್ಮಕವಾಗಿ ಜನಮಾನಸದಲ್ಲಿ ನಿತ್ಯ ಸಂಜೀವಿನಿ ಮಹಾನ್ ದಾರ್ಶನಿಕರಾಗಿ ಸಿದ್ದಗಂಗಾ ಶ್ರೀಗಳು ನೆಲೆಸಿದ್ದಾರೆ ಎಂದು ನಾಗಮಂಗಲ ತಾಲ್ಲೂಕು ಅಖಿಲ ಭಾರತ ವೀರಶೈವ ಲಿಂಗಾಯತ ಮಹಾಸಭಾ ಅಧ್ಯಕ್ಷರಾದ ಪರಮೇಶ್ ತಿಳಿಸಿದರು. ಪಟ್ಟಣದ ಅಖಿಲ ಭಾರತ ವೀರಶೈವ ಲಿಂಗಾಯತ ಮಹಾಸಭಾ ಕಚೇರಿಯಲ್ಲಿ ಸಿದ್ದಗಂಗಾ ಮಠದ ಲಿಂಗೈಕ್ಯ ಡಾ. ಶಿವಕುಮಾರ ಸ್ವಾಮೀಜಿ ಅವರ 118ನೇ ಜಯಂತ್ಯುತ್ಸವ ಭಾವಚಿತ್ರಕ್ಕೆ ಪುಷ್ಪ ನಮನ ಸಲ್ಲಿಸಿ ಮಾತನಾಡಿದರು. ಶ್ರೀಗಳು ಯಾವುದೇ ಜಾತಿ ಮತ ಧರ್ಮ ವರ್ಗ ಭೇದವಿಲ್ಲದೆ ಲಕ್ಷಾಂತರ ಮಕ್ಕಳಿಗೆ ಅನ್ನ, ಅಕ್ಷರ, ಆಶ್ರಯ ನೀಡುವ ಮೂಲಕ ತ್ರಿವಿಧ ದಾಸೋಹಿಗಳಾಗಿ ಖ್ಯಾತರಾದರು. ಸಿದ್ದಗಂಗಾ ಶ್ರೀಗಳು ನಡೆದಾಡುವ ದೇವರಾಗಿ ಭಕ್ತರ ಮನದಲ್ಲಿ ನೆಲೆಸಿದ್ದಾರೆ ಎಂದರು. ಈ ಸಂದರ್ಭದಲ್ಲಿ ಪ್ರಧಾನ ಕಾರ್ಯದರ್ಶಿ ನಿರಂಜನ, ಕಲ್ಪನಾ ಮಹೇಶ್, ಶಿವಕುಮಾರ್, ಹಾಗೂ ಸಮಾಜದ ಮುಖಂಡರು ಉಪಸ್ಥಿತರಿದ್ದರು.
ಶನಿವಾರ ನಗರಸಭೆ ಮಳಿಗೆಗಳಿಗೆ ಹರಾಜು
ಚಿಕ್ಕಬಳ್ಳಾಪುರ: ನಗರಸಭೆ ವ್ಯಾಪ್ತಿಗೆ ಒಳಪಡುವ ಸುಮಾರು 98 ಮಳಿಗೆಗಳ ಹರಾಜು ಪ್ರಕ್ರಿಯೆ ಇದೇ ಶನಿವಾರ ಬೆಳಿಗ್ಗೆ 11ಘಂಟೆಗೆ ನಗರಸಭೆ ಆವರಣದಲ್ಲಿ ನಡೆಯಲಿದ್ದು ಈ ಬಿಡ್‌ದಾರರು ಹರಾಜಿನಲ್ಲಿ ಭಾಗವಹಿಸಬಹುದು ಎಂದು ನಗರಸಭೆ ಅಧ್ಯಕ್ಷ ಎ. ಗಜೇಂದ್ರ ತಿಳಿಸಿದರು. ನಗರಸಭೆಯ ಅಧ್ಯಕ್ಷರ ಕಛೇರಿಯಲ್ಲಿ ಗುರುವಾರ ನಡೆದ ಸುದ್ದಿಗೋಷ್ಠಿಯಲ್ಲಿ ಮಾತನಾಡಿದ ಅವರು, 98 ಮಳಿಗೆಗಳ ಹರಾಜು ಪ್ರಕ್ರಿಯೆ ಮಾಸಿಕ ಬಾಡಿಗೆ ಕನಿಷ್ಠ 50 ಸಾವಿರ ಠೇವಣಿ ಹಣವನ್ನು ಪಾವತಿಸಿ ಹರಾಜು ಪ್ರಕ್ರಿಯೆಯಲ್ಲಿ ಭಾಗವಹಿಸಬಹುದು. ಜಿಲ್ಲೆಯಲ್ಲಿ ಅಭಿವೃದ್ಧಿ ಕಾರ್ಯಗಳನ್ನು ಕೈಗೊಳ್ಳಲು ಸಂಪನ್ಮೂಲ ಕ್ರೋಢೀಕರಣ ಅಗತ್ಯವಾಗಿದೆ. ನಗರಸಭೆ ಆದಾಯ ಹೆಚ್ಚಿಸುವ ನಿಟ್ಟಿನಲ್ಲಿ ಎಲ್ಲಾ ಸದಸ್ಯರ ಸಹಕಾರದಿಂದ ಈ ತೀರ್ಮಾನ ಕೈಗೊಳ್ಳಲಾಗಿದೆ. ಹರಾಜು ಪ್ರಕ್ರಿಯೆ ಪಾರದರ್ಶಕವಾಗಿ ನಡೆಯಲಿದ್ದು ಯಾವುದೇ ಕಾರಣಕ್ಕೂ ಗೊಂದಲಕ್ಕೆ ಅವಕಾಶವಿಲ್ಲ. ಯಾವುದೇ ಕಾರಣಕ್ಕೂ ಗೊಂದಲಕ್ಕೆ ಒಳಗಾಗದೆ ಹರಾಜು ಪ್ರಕ್ರಿಯೆಯಲ್ಲಿ ಭಾಗವಹಿಸಬೇಕೆಂದು ಮನವಿ ಮಾಡಿದರು. ಈ ಸಂದರ್ಭದಲ್ಲಿ ಪೌರಾಯುಕ್ತರು, ಉಪಾಧ್ಯಕ್ಷರು ಹಾಗೂ ನಗರಸಭಾ ಸದಸ್ಯರು ಉಪಸ್ಥಿತರಿದ್ದರು.
ನಗರಸಭೆ
ಅಧ್ಯಕ್ಷ ಎ
ಗಜೇಂದ್ರ
ಮಾಹಿತಿ
ನಗರಸಭೆ ವ್ಯಾಪ್ತಿಗೆ ಒಳಪಡುವ ಸುಮಾರು 98 ಮಳಿಗೆಗಳ ಹರಾಜು ಪ್ರಕ್ರಿಯೆ ಇದೇ ಶನಿವಾರ ಬೆಳಿಗ್ಗೆ 11ಘಂಟೆಗೆ ನಗರಸಭೆ ಆವರಣದಲ್ಲಿ ನಡೆಯಲಿದ್ದು ಈ ಬಿಡ್‌ದಾರರು ಹರಾಜಿನಲ್ಲಿ ಭಾಗವಹಿಸಬಹುದು ಎಂದು ನಗರಸಭೆ ಅಧ್ಯಕ್ಷ ಎ. ಗಜೇಂದ್ರ ತಿಳಿಸಿದರು. ನಗರಸಭೆಯ ಅಧ್ಯಕ್ಷರ ಕಛೇರಿಯಲ್ಲಿ ಗುರುವಾರ ನಡೆದ ಸುದ್ದಿಗೋಷ್ಠಿಯಲ್ಲಿ ಮಾತನಾಡಿದ ಅವರು, 98 ಮಳಿಗೆಗಳ ಹರಾಜು ಪ್ರಕ್ರಿಯೆ ಮಾಸಿಕ ಬಾಡಿಗೆ ಕನಿಷ್ಠ 50 ಸಾವಿರ ಠೇವಣಿ ಹಣವನ್ನು ಪಾವತಿಸಿ ಹರಾಜು ಪ್ರಕ್ರಿಯೆಯಲ್ಲಿ ಭಾಗವಹಿಸಬಹುದು. ಜಿಲ್ಲೆಯಲ್ಲಿ ಅಭಿವೃದ್ಧಿ ಕಾರ್ಯಗಳನ್ನು ಕೈಗೊಳ್ಳಲು ಸಂಪನ್ಮೂಲ ಕ್ರೋಢೀಕರಣ ಅಗತ್ಯವಾಗಿದೆ. ನಗರಸಭೆ ಆದಾಯ ಹೆಚ್ಚಿಸುವ ನಿಟ್ಟಿನಲ್ಲಿ ಎಲ್ಲಾ ಸದಸ್ಯರ ಸಹಕಾರದಿಂದ ಈ ತೀರ್ಮಾನ ಕೈಗೊಳ್ಳಲಾಗಿದೆ. ಹರಾಜು ಪ್ರಕ್ರಿಯೆ ಪಾರದರ್ಶಕವಾಗಿ ನಡೆಯಲಿದ್ದು ಯಾವುದೇ ಕಾರಣಕ್ಕೂ ಗೊಂದಲಕ್ಕೆ ಅವಕಾಶವಿಲ್ಲ. ಯಾವುದೇ ಕಾರಣಕ್ಕೂ ಗೊಂದಲಕ್ಕೆ ಒಳಗಾಗದೆ ಹರಾಜು ಪ್ರಕ್ರಿಯೆಯಲ್ಲಿ ಭಾಗವಹಿಸಬೇಕೆಂದು ಮನವಿ ಮಾಡಿದರು. ಈ ಸಂದರ್ಭದಲ್ಲಿ ಪೌರಾಯುಕ್ತರು, ಉಪಾಧ್ಯಕ್ಷರು ಹಾಗೂ ನಗರಸಭಾ ಸದಸ್ಯರು ಉಪಸ್ಥಿತರಿದ್ದರು.
ಡಾ. ಬಾಬು ಜಗಜೀವನರಾಂ
ರವರ 118ನೇ ಜನ್ಮ
ದಿನಾಚರಣೆ
ಚಿಕ್ಕಬಳ್ಳಾಪುರ: ಜಿಲ್ಲಾಡಳಿತ, ಜಿಲ್ಲಾ ಪಂಚಾಯತ್, ಸಮಾಜ ಕಲ್ಯಾಣ ಇಲಾಖೆ, ಚಿಕ್ಕಬಳ್ಳಾಪುರ ಇವರ ಸಂಯುಕ್ತಾಶ್ರಯದಲ್ಲಿ ಹಸಿರು ಕ್ರಾಂತಿಯ ಹರಿಕಾರ, ಭಾರತದ ಮಾಜಿ ಉಪ ಪ್ರಧಾನಿ ಡಾ. ಬಾಬು ಜಗಜೀವನರಾಂ ರವರ 118ನೇ ಜನ್ಮ ದಿನಾಚರಣೆ ಕಾರ್ಯಕ್ರಮವನ್ನು ಚಿಕ್ಕಬಳ್ಳಾಪುರ ಜಿಲ್ಲೆಯಲ್ಲಿ ಏಪ್ರಿಲ್ 5 ರಂದು ಬೆಳಿಗ್ಗೆ 10:30 ಗಂಟೆಗೆ ನಗರದ ಡಾ. ಬಿ.ಆರ್. ಅಂಬೇಡ್ಕರ್ ಭವನದಲ್ಲಿ ಹಮ್ಮಿಕೊಳ್ಳಲಾಗಿದೆ. ಸದರಿ ಕಾರ್ಯಕ್ರಮದಲ್ಲಿ ಜಿಲ್ಲೆಯ ಎಲ್ಲಾ ದಲಿತ ಸಂಘಟನೆಗಳು, ಸಮುದಾಯದ ಮುಖಂಡರು ಹಾಗೂ ಎಲ್ಲಾ ಸಾರ್ವಜನಿಕರು ಭಾಗವಹಿಸಿ ಕಾರ್ಯಕ್ರಮವನ್ನು ಯಶಸ್ವಿಗೊಳಿಸಬೇಕೆಂದು ಸಮಾಜ ಕಲ್ಯಾಣ ಇಲಾಖೆಯ ಜಂಟಿ ನಿರ್ದೇಶಕರು ಪ್ರಕಟಣೆಯಲ್ಲಿ ತಿಳಿಸಿದ್ದಾರೆ.
ಆರೋಗ್ಯ ಕೇಂದ್ರಗಳಿಗೆ 9 ಇ-ಬೈಕ್ ವಿತರಣೆ
ಚಿಕ್ಕಬಳ್ಳಾಪುರ: ಜಿಲ್ಲಾಡಳಿತ, ಜಿಲ್ಲಾ ಆರೋಗ್ಯ ಮತ್ತು ಕುಟುಂಬ ಕಲ್ಯಾಣ ಇಲಾಖೆ, ಚಿಕ್ಕಬಳ್ಳಾಪುರ ಹಾಗೂ ಯುನೈಟೆಡ್ ವೇ ಬೆಂಗಳೂರು ರವರ ಮಾರ್ಚ್ 26 ರಂದು ಜಿಲ್ಲಾಡಳಿತ ಭವನದ ಆವರಣದಲ್ಲಿ ಜಿಲ್ಲಾಧಿಕಾರಿ ಪಿ.ಎನ್. ರವೀಂದ್ರ ಅವರು ಯುನೈಟೆಡ್ ವೇ ಬೆಂಗಳೂರು ರವರ ಸಾಮಾಜಿಕ ಹೊಣೆಗಾರಿಕೆ ನಿಧಿಯಡಿ ಪ್ರಾಥಮಿಕ ಆರೋಗ್ಯ ಕೇಂದ್ರಗಳಿಗೆ 9 ಇ-ಬೈಕ್‌ಗಳನ್ನು ವಿತರಿಸಿದರು. ನಂತರ ಮಾತನಾಡಿದ ಅವರು, ಗ್ರಾಮೀಣ ಭಾಗದ ಜನರಿಗೆ ಆರೋಗ್ಯ ಸೇವೆಗಳನ್ನು ತ್ವರಿತವಾಗಿ ತಲುಪಿಸುವ ನಿಟ್ಟಿನಲ್ಲಿ ಈ ಇ-ಬೈಕ್‌ಗಳು ಸಹಕಾರಿಯಾಗಲಿವೆ. ಆರೋಗ್ಯ ಸಿಬ್ಬಂದಿ ಕ್ಷೇತ್ರ ಭೇಟಿ ನೀಡಲು ಹಾಗೂ ಮನೆ ಮನೆಗೆ ತೆರಳಿ ಸೇವೆ ಒದಗಿಸಲು ಇದರಿಂದ ಅನುಕೂಲವಾಗಲಿದೆ ಎಂದರು. ಯುನೈಟೆಡ್ ವೇ ಬೆಂಗಳೂರು ಸಂಸ್ಥೆಯು 2008 ರಿಂದ ಗ್ರಾಮೀಣ ಆರೋಗ್ಯ, ಶಿಕ್ಷಣ ಹಾಗೂ ಪರಿಸರ ಕ್ಷೇತ್ರಗಳಲ್ಲಿ ಹಲವು ಯೋಜನೆಗಳನ್ನು ಅನುಷ್ಠಾನಗೊಳಿಸುತ್ತಿದೆ. ಯುನೈಟೆಡ್ ವೇ ಬೆಂಗಳೂರು ರವರು ಸುಮಾರು 37 ದೇಶಗಳಲ್ಲಿ 1,100 ಕ್ಕೂ ಹೆಚ್ಚು ಅಧ್ಯಾಯಗಳನ್ನು ಹೊಂದಿದೆ. ಕಾರ್ಯಕ್ರಮದಲ್ಲಿ ಜಿಲ್ಲಾ ಆರೋಗ್ಯ ಮತ್ತು ಕುಟುಂಬ ಕಲ್ಯಾಣಾಧಿಕಾರಿ ಡಾ. ಮಹೇಶ್ ಕುಮಾರ್, ಆರೋಗ್ಯ ಇಲಾಖೆಯ ಅಧಿಕಾರಿಗಳು ಮತ್ತು ಸಿಬ್ಬಂದಿ ಹಾಜರಿದ್ದರು.
